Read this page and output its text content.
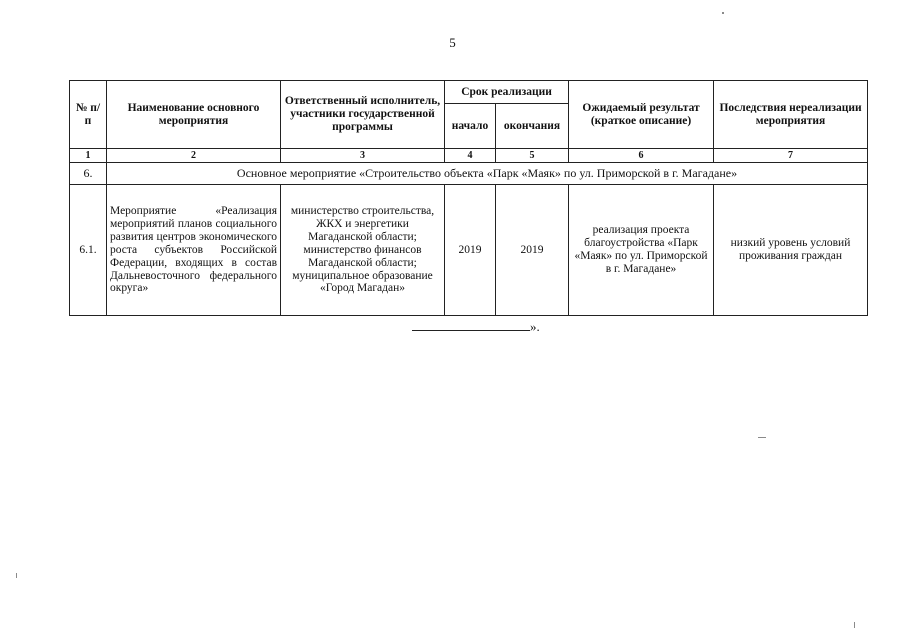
5
№ п/п	Наименование основного мероприятия	Ответственный исполнитель, участники государственной программы	Срок реализации		Ожидаемый результат (краткое описание)	Последствия нереализации мероприятия
			начало	окончания		
1	2	3	4	5	6	7
6.	Основное мероприятие «Строительство объекта «Парк «Маяк» по ул. Приморской в г. Магадане»					
6.1.	Мероприятие «Реализация мероприятий планов социального развития центров экономического роста субъектов Российской Федерации, входящих в состав Дальневосточного федерального округа»	министерство строительства, ЖКХ и энергетики Магаданской области; министерство финансов Магаданской области; муниципальное образование «Город Магадан»	2019	2019	реализация проекта благоустройства «Парк «Маяк» по ул. Приморской в г. Магадане»	низкий уровень условий проживания граждан
».
